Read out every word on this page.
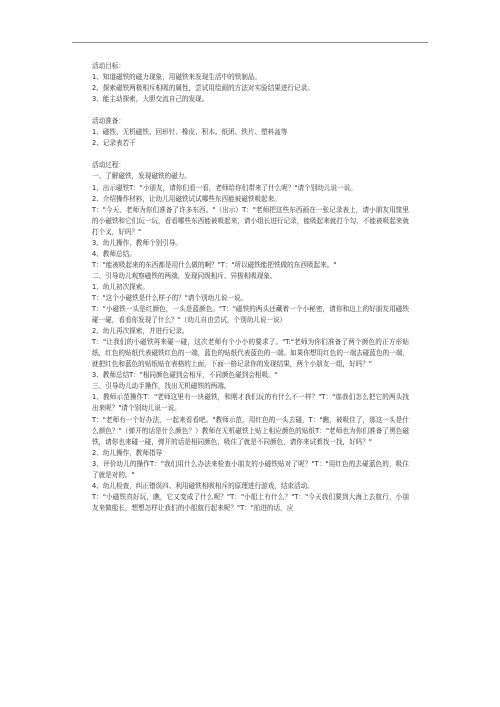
活动目标：
1、知道磁铁的磁力现象，用磁铁来发现生活中的铁制品。
2、探索磁铁两极相斥相吸的属性，尝试用绘画的方法对实验结果进行记录。
3、能主动探索，大胆交流自己的发现。
活动准备：
1、磁铁、无机磁铁、回形针、橡皮、积木、纸团、铁片、塑料盆等
2、记录表若干
活动过程：
一、了解磁铁，发现磁铁的磁力。
1、出示磁铁T："小朋友，请你们看一看，老师给你们带来了什么呢？"请个别幼儿说一说。
2、介绍操作材料，让幼儿用磁铁试试哪些东西能被磁铁吸起来。
T："今天，老师为你们准备了许多东西。"（出示）T："老师把这些东西画在一张记录表上，请小朋友用筐里的小磁铁和它们玩一玩，看看哪些东西能被吸起来，请小组长进行记录，能吸起来就打个勾，不能被吸起来就打个叉，好吗？"
3、幼儿操作，教师个别引导。
4、教师总结。
T："能被吸起来的东西都是用什么做的啊？"T："所以磁铁能把铁做的东西吸起来。"
二、引导幼儿观察磁铁的两端，发现同级相斥、异极相吸现象。
1、幼儿初次探索。
T："这个小磁铁是什么样子的？"请个别幼儿说一说。
T："小磁铁一头是红颜色，一头是蓝颜色。"T："磁铁的两头还藏着一个小秘密，请你和边上的好朋友用磁铁碰一碰，看看你发现了什么？"（幼儿自由尝试，个别幼儿说一说）
2、幼儿再次探索，并进行记录。
T："让我们的小磁铁再来碰一碰，这次老师有个小小的要求了。"T:"老师为你们准备了两个颜色的正方形贴纸，红色的贴纸代表磁铁红色的一端，蓝色的贴纸代表蓝色的一端。如果你想用红色的一端去碰蓝色的一端，就把红色和蓝色的贴纸贴在表格的上面，下面一格记录你的发现结果，两个小朋友一组，好吗？"
3、教师总结T："相同颜色碰到会相斥，不同颜色碰到会相吸。"
三、引导幼儿动手操作，找出无机磁铁的两端。
1、教师示范操作T："老师这里有一块磁铁，和刚才我们玩的有什么不一样？"T："那我们怎么把它的两头找出来呢？"请个别幼儿说一说。
T："老师有一个好办法，一起来看看吧。"教师示范，用红色的一头去碰，T："瞧，被吸住了，那这一头是什么颜色？"（弹开的话是什么颜色？）教师在无机磁铁上贴上相应颜色的贴纸T："老师也为你们准备了黑色磁铁，请你也来碰一碰，弹开的话是相同颜色，吸住了就是不同颜色，请你来试着找一找，好吗？"
2、幼儿操作，教师指导
3、评价幼儿的操作T："我们用什么办法来检查小朋友的小磁铁贴对了呢？"T："用红色的去碰蓝色的，吸住了就是对的。"
4、幼儿检查，纠正错误四、利用磁铁相吸相斥的原理进行游戏，结束活动。
T："小磁铁真好玩，瞧，它又变成了什么呢？"T："小船上有什么？"T："今天我们要到大海上去航行，小朋友来做船长，想想怎样让我们的小船航行起来呢？"T："前进的话，应
